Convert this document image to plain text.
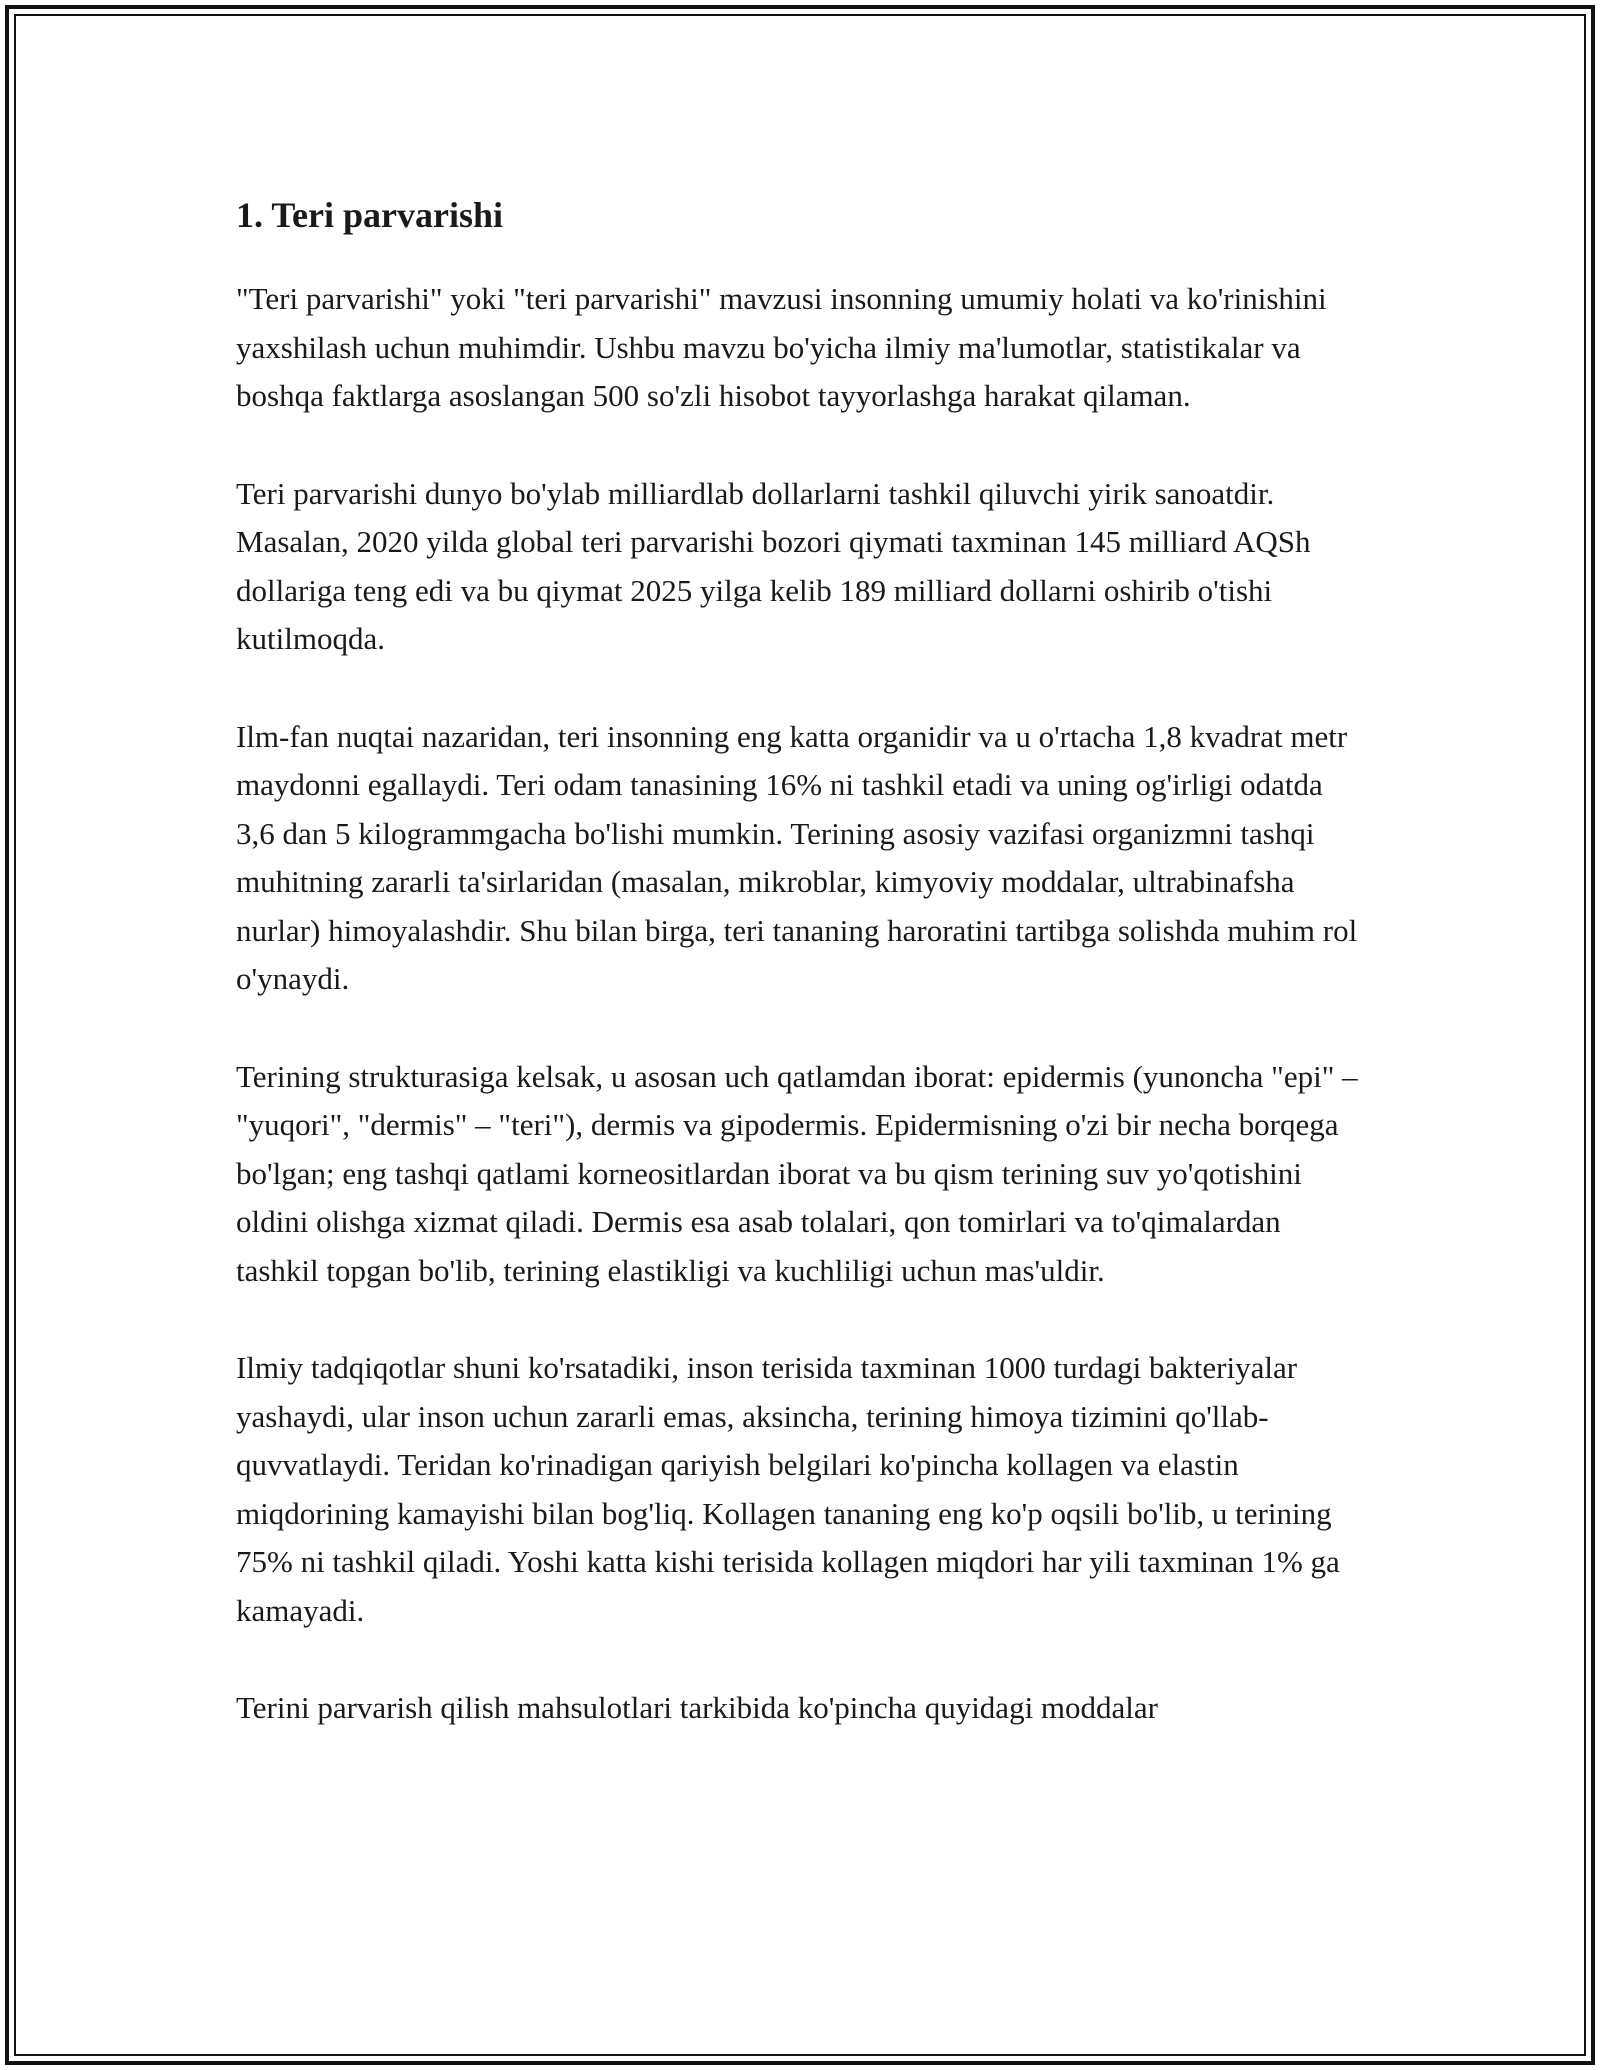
1. Teri parvarishi

"Teri parvarishi" yoki "teri parvarishi" mavzusi insonning umumiy holati va ko'rinishini yaxshilash uchun muhimdir. Ushbu mavzu bo'yicha ilmiy ma'lumotlar, statistikalar va boshqa faktlarga asoslangan 500 so'zli hisobot tayyorlashga harakat qilaman.

Teri parvarishi dunyo bo'ylab milliardlab dollarlarni tashkil qiluvchi yirik sanoatdir. Masalan, 2020 yilda global teri parvarishi bozori qiymati taxminan 145 milliard AQSh dollariga teng edi va bu qiymat 2025 yilga kelib 189 milliard dollarni oshirib o'tishi kutilmoqda.

Ilm-fan nuqtai nazaridan, teri insonning eng katta organidir va u o'rtacha 1,8 kvadrat metr maydonni egallaydi. Teri odam tanasining 16% ni tashkil etadi va uning og'irligi odatda 3,6 dan 5 kilogrammgacha bo'lishi mumkin. Terining asosiy vazifasi organizmni tashqi muhitning zararli ta'sirlaridan (masalan, mikroblar, kimyoviy moddalar, ultrabinafsha nurlar) himoyalashdir. Shu bilan birga, teri tananing haroratini tartibga solishda muhim rol o'ynaydi.

Terining strukturasiga kelsak, u asosan uch qatlamdan iborat: epidermis (yunoncha "epi" – "yuqori", "dermis" – "teri"), dermis va gipodermis. Epidermisning o'zi bir necha borqega bo'lgan; eng tashqi qatlami korneositlardan iborat va bu qism terining suv yo'qotishini oldini olishga xizmat qiladi. Dermis esa asab tolalari, qon tomirlari va to'qimalardan tashkil topgan bo'lib, terining elastikligi va kuchliligi uchun mas'uldir.

Ilmiy tadqiqotlar shuni ko'rsatadiki, inson terisida taxminan 1000 turdagi bakteriyalar yashaydi, ular inson uchun zararli emas, aksincha, terining himoya tizimini qo'llab-quvvatlaydi. Teridan ko'rinadigan qariyish belgilari ko'pincha kollagen va elastin miqdorining kamayishi bilan bog'liq. Kollagen tananing eng ko'p oqsili bo'lib, u terining 75% ni tashkil qiladi. Yoshi katta kishi terisida kollagen miqdori har yili taxminan 1% ga kamayadi.

Terini parvarish qilish mahsulotlari tarkibida ko'pincha quyidagi moddalar
